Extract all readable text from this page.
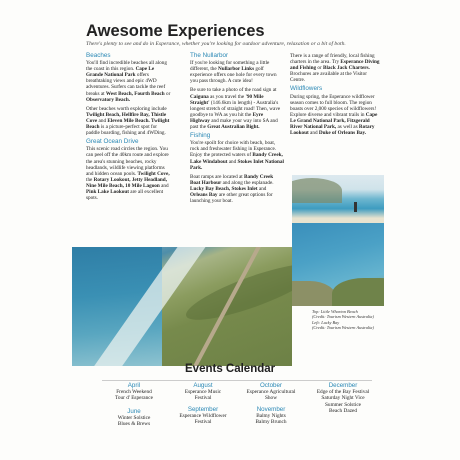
Awesome Experiences
There's plenty to see and do in Esperance, whether you're looking for outdoor adventure, relaxation or a bit of both.
Beaches

You'll find incredible beaches all along the coast in this region. Cape Le Grande National Park offers breathtaking views and epic 4WD adventures. Surfers can tackle the reef breaks at West Beach, Fourth Beach or Observatory Beach.

Other beaches worth exploring include Twilight Beach, Hellfire Bay, Thistle Cove and Eleven Mile Beach. Twilight Beach is a picture-perfect spot for paddle boarding, fishing and 4WDing.

Great Ocean Drive

This scenic road circles the region. You can peel off the 40km route and explore the area's stunning beaches, rocky headlands, wildlife viewing platforms and hidden ocean pools. Twilight Cove, the Rotary Lookout, Jetty Headland, Nine Mile Beach, 10 Mile Lagoon and Pink Lake Lookout are all excellent spots.

The Nullarbor

If you're looking for something a little different, the Nullarbor Links golf experience offers one hole for every town you pass through. A cute idea!

Be sure to take a photo of the road sign at Caiguna as you travel the '90 Mile Straight' (146.6km in length) - Australia's longest stretch of straight road! Then, wave goodbye to WA as you hit the Eyre Highway and make your way into SA and past the Great Australian Bight.

Fishing

You're spoilt for choice with beach, boat, rock and freshwater fishing in Esperance. Enjoy the protected waters of Bandy Creek, Lake Windabout and Stokes Inlet National Park.

Boat ramps are located at Bandy Creek Boat Harbour and along the esplanade. Lucky Bay Beach, Stokes Inlet and Orleans Bay are other great options for launching your boat.

There is a range of friendly, local fishing charters in the area. Try Esperance Diving and Fishing or Black Jack Charters. Brochures are available at the Visitor Centre.

Wildflowers

During spring, the Esperance wildflower season comes to full bloom. The region boasts over 2,000 species of wildflowers! Explore diverse and vibrant trails in Cape Le Grand National Park, Fitzgerald River National Park, as well as Rotary Lookout and Duke of Orleans Bay.

Top: Little Wharton Beach
(Credit: Tourism Western Australia)

Left: Lucky Bay
(Credit: Tourism Western Australia)

Events Calendar
April
French Weekend
Tour d' Esperance
June
Winter Solstice
Blues & Brews
August
Esperance Music
Festival
September
Esperance Wildflower
Festival
October
Esperance Agricultural
Show
November
Balmy Nights
Balmy Brunch
December
Edge of the Bay Festival
Saturday Night Vice
Summer Solstice
Beach Dazed
